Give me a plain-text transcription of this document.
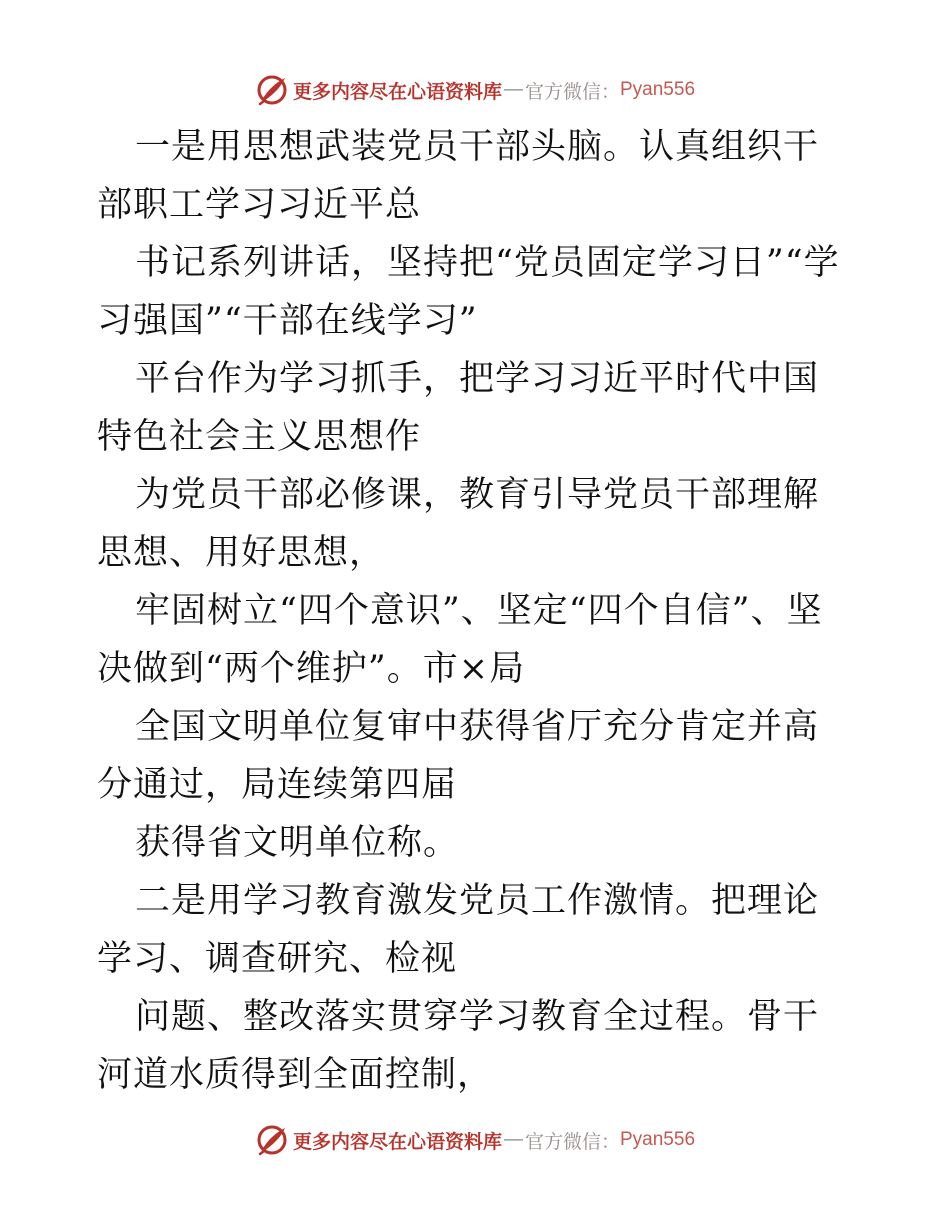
更多内容尽在心语资料库 — 官方微信： Pyan556

一是用思想武装党员干部头脑。认真组织干部职工学习习近平总

书记系列讲话，坚持把“党员固定学习日”“学习强国”“干部在线学习”

平台作为学习抓手，把学习习近平时代中国特色社会主义思想作

为党员干部必修课，教育引导党员干部理解思想、用好思想，

牢固树立“四个意识”、坚定“四个自信”、坚决做到“两个维护”。市×局

全国文明单位复审中获得省厅充分肯定并高分通过，局连续第四届

获得省文明单位称。

二是用学习教育激发党员工作激情。把理论学习、调查研究、检视

问题、整改落实贯穿学习教育全过程。骨干河道水质得到全面控制，

更多内容尽在心语资料库 — 官方微信： Pyan556
